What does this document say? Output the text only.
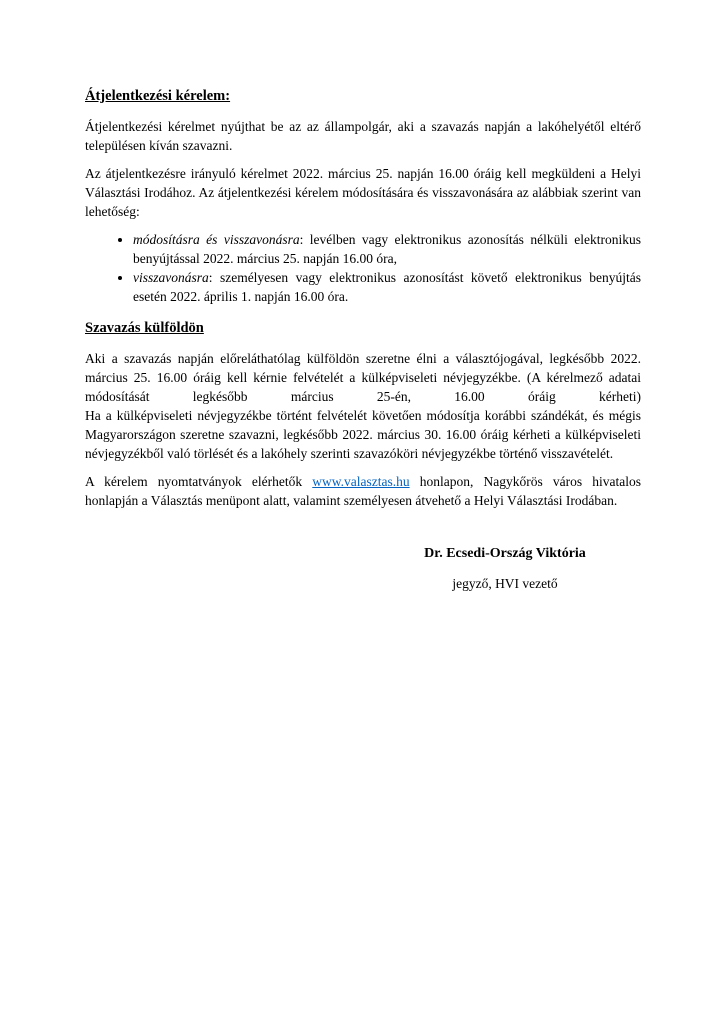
Átjelentkezési kérelem:

Átjelentkezési kérelmet nyújthat be az az állampolgár, aki a szavazás napján a lakóhelyétől eltérő településen kíván szavazni.

Az átjelentkezésre irányuló kérelmet 2022. március 25. napján 16.00 óráig kell megküldeni a Helyi Választási Irodához. Az átjelentkezési kérelem módosítására és visszavonására az alábbiak szerint van lehetőség:

• módosításra és visszavonásra: levélben vagy elektronikus azonosítás nélküli elektronikus benyújtással 2022. március 25. napján 16.00 óra,
• visszavonásra: személyesen vagy elektronikus azonosítást követő elektronikus benyújtás esetén 2022. április 1. napján 16.00 óra.
Szavazás külföldön

Aki a szavazás napján előreláthatólag külföldön szeretne élni a választójogával, legkésőbb 2022. március 25. 16.00 óráig kell kérnie felvételét a külképviseleti névjegyzékbe. (A kérelmező adatai módosítását legkésőbb március 25-én, 16.00 óráig kérheti)
Ha a külképviseleti névjegyzékbe történt felvételét követően módosítja korábbi szándékát, és mégis Magyarországon szeretne szavazni, legkésőbb 2022. március 30. 16.00 óráig kérheti a külképviseleti névjegyzékből való törlését és a lakóhely szerinti szavazóköri névjegyzékbe történő visszavételét.

A kérelem nyomtatványok elérhetők www.valasztas.hu honlapon, Nagykőrös város hivatalos honlapján a Választás menüpont alatt, valamint személyesen átvehető a Helyi Választási Irodában.

Dr. Ecsedi-Ország Viktória
jegyző, HVI vezető
